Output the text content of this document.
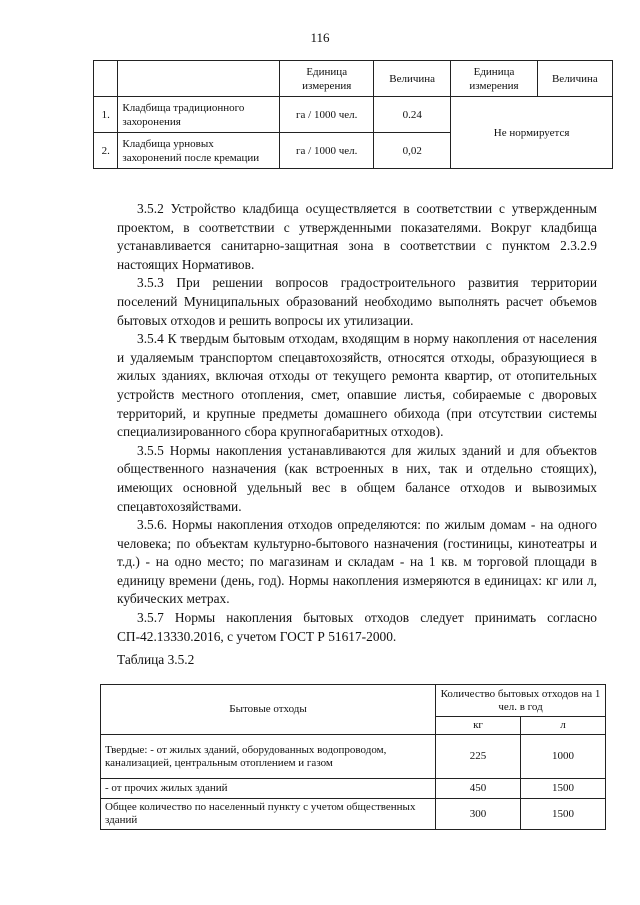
116
		Единица измерения	Величина	Единица измерения	Величина
1.	Кладбища традиционного захоронения	га / 1000 чел.	0.24	Не нормируется	
2.	Кладбища урновых захоронений после кремации	га / 1000 чел.	0,02		

3.5.2 Устройство кладбища осуществляется в соответствии с утвержденным проектом, в соответствии с утвержденными показателями. Вокруг кладбища устанавливается санитарно-защитная зона в соответствии с пунктом 2.3.2.9 настоящих Нормативов.

3.5.3 При решении вопросов градостроительного развития территории поселений Муниципальных образований необходимо выполнять расчет объемов бытовых отходов и решить вопросы их утилизации.

3.5.4 К твердым бытовым отходам, входящим в норму накопления от населения и удаляемым транспортом спецавтохозяйств, относятся отходы, образующиеся в жилых зданиях, включая отходы от текущего ремонта квартир, от отопительных устройств местного отопления, смет, опавшие листья, собираемые с дворовых территорий, и крупные предметы домашнего обихода (при отсутствии системы специализированного сбора крупногабаритных отходов).

3.5.5 Нормы накопления устанавливаются для жилых зданий и для объектов общественного назначения (как встроенных в них, так и отдельно стоящих), имеющих основной удельный вес в общем балансе отходов и вывозимых спецавтохозяйствами.

3.5.6. Нормы накопления отходов определяются: по жилым домам - на одного человека; по объектам культурно-бытового назначения (гостиницы, кинотеатры и т.д.) - на одно место; по магазинам и складам - на 1 кв. м торговой площади в единицу времени (день, год). Нормы накопления измеряются в единицах: кг или л, кубических метрах.

3.5.7 Нормы накопления бытовых отходов следует принимать согласно СП-42.13330.2016, с учетом ГОСТ Р 51617-2000.

Таблица 3.5.2
Бытовые отходы	Количество бытовых отходов на 1 чел. в год	
	кг	л
Твердые: - от жилых зданий, оборудованных водопроводом, канализацией, центральным отоплением и газом	225	1000
- от прочих жилых зданий	450	1500
Общее количество по населенный пункту с учетом общественных зданий	300	1500
